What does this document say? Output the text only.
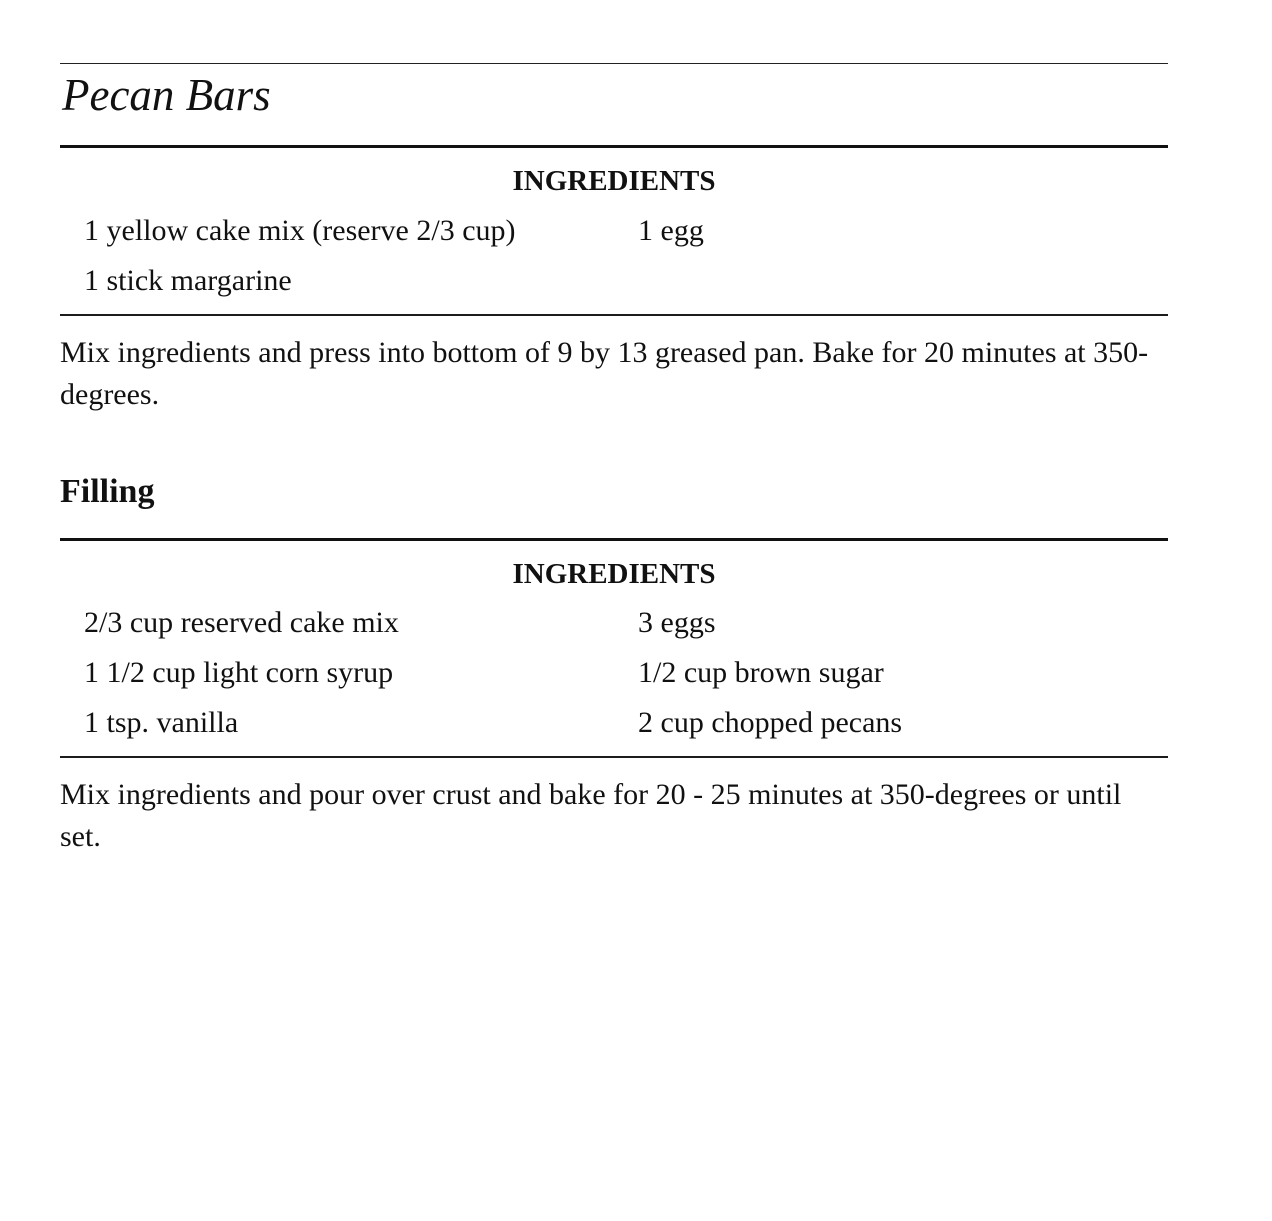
Pecan Bars
INGREDIENTS
1 yellow cake mix (reserve 2/3 cup)	1 egg
1 stick margarine

Mix ingredients and press into bottom of 9 by 13 greased pan. Bake for 20 minutes at 350-degrees.

Filling
INGREDIENTS
2/3 cup reserved cake mix	3 eggs
1 1/2 cup light corn syrup	1/2 cup brown sugar
1 tsp. vanilla	2 cup chopped pecans

Mix ingredients and pour over crust and bake for 20 - 25 minutes at 350-degrees or until set.
